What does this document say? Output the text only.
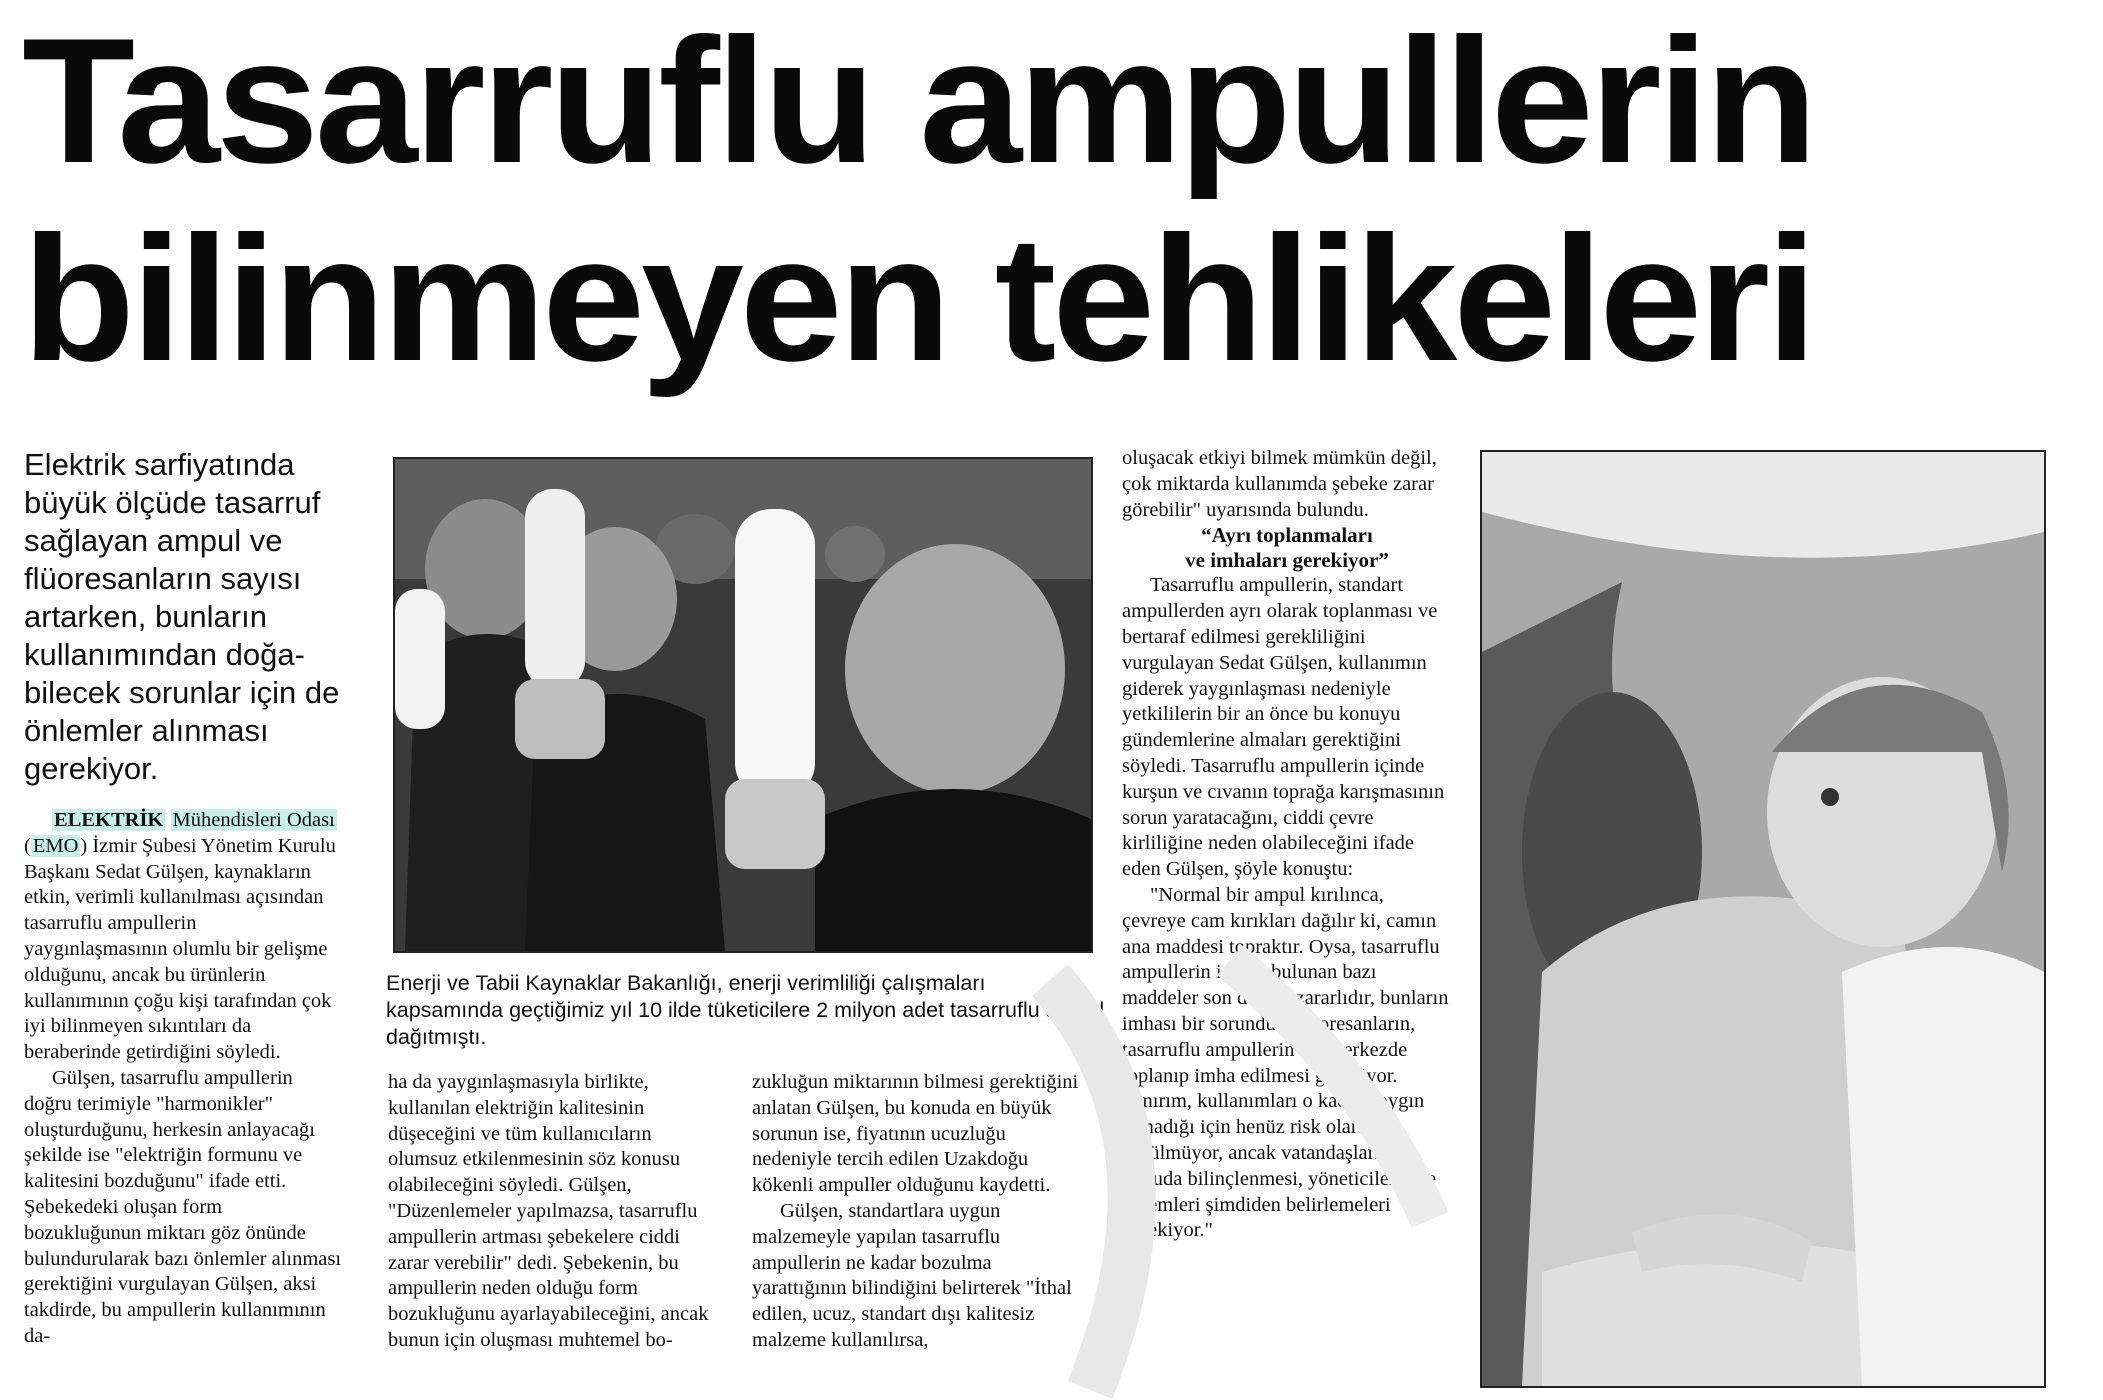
Tasarruflu ampullerin
bilinmeyen tehlikeleri

Elektrik sarfiyatında büyük ölçüde tasarruf sağlayan ampul ve flüoresanların sayısı artarken, bunların kullanımından doğa-bilecek sorunlar için de önlemler alınması gerekiyor.

Enerji ve Tabii Kaynaklar Bakanlığı, enerji verimliliği çalışmaları kapsamında geçtiğimiz yıl 10 ilde tüketicilere 2 milyon adet tasarruflu ampul dağıtmıştı.

ELEKTRİK Mühendisleri Odası (EMO) İzmir Şubesi Yönetim Kurulu Başkanı Sedat Gülşen, kaynakların etkin, verimli kullanılması açısından tasarruflu ampullerin yaygınlaşmasının olumlu bir gelişme olduğunu, ancak bu ürünlerin kullanımının çoğu kişi tarafından çok iyi bilinmeyen sıkıntıları da beraberinde getirdiğini söyledi.

Gülşen, tasarruflu ampullerin doğru terimiyle "harmonikler" oluşturduğunu, herkesin anlayacağı şekilde ise "elektriğin formunu ve kalitesini bozduğunu" ifade etti. Şebekedeki oluşan form bozukluğunun miktarı göz önünde bulundurularak bazı önlemler alınması gerektiğini vurgulayan Gülşen, aksi takdirde, bu ampullerin kullanımının da-

ha da yaygınlaşmasıyla birlikte, kullanılan elektriğin kalitesinin düşeceğini ve tüm kullanıcıların olumsuz etkilenmesinin söz konusu olabileceğini söyledi. Gülşen, "Düzenlemeler yapılmazsa, tasarruflu ampullerin artması şebekelere ciddi zarar verebilir" dedi. Şebekenin, bu ampullerin neden olduğu form bozukluğunu ayarlayabileceğini, ancak bunun için oluşması muhtemel bo-

zukluğun miktarının bilmesi gerektiğini anlatan Gülşen, bu konuda en büyük sorunun ise, fiyatının ucuzluğu nedeniyle tercih edilen Uzakdoğu kökenli ampuller olduğunu kaydetti.

Gülşen, standartlara uygun malzemeyle yapılan tasarruflu ampullerin ne kadar bozulma yarattığının bilindiğini belirterek "İthal edilen, ucuz, standart dışı kalitesiz malzeme kullanılırsa,

oluşacak etkiyi bilmek mümkün değil, çok miktarda kullanımda şebeke zarar görebilir" uyarısında bulundu.

“Ayrı toplanmaları

ve imhaları gerekiyor”

Tasarruflu ampullerin, standart ampullerden ayrı olarak toplanması ve bertaraf edilmesi gerekliliğini vurgulayan Sedat Gülşen, kullanımın giderek yaygınlaşması nedeniyle yetkililerin bir an önce bu konuyu gündemlerine almaları gerektiğini söyledi. Tasarruflu ampullerin içinde kurşun ve cıvanın toprağa karışmasının sorun yaratacağını, ciddi çevre kirliliğine neden olabileceğini ifade eden Gülşen, şöyle konuştu:

"Normal bir ampul kırılınca, çevreye cam kırıkları dağılır ki, camın ana maddesi topraktır. Oysa, tasarruflu ampullerin içinde bulunan bazı maddeler son derece zararlıdır, bunların imhası bir sorundur. Flüoresanların, tasarruflu ampullerin bir merkezde toplanıp imha edilmesi gerekiyor. Sanırım, kullanımları o kadar yaygın olmadığı için henüz risk olarak görülmüyor, ancak vatandaşların bu konuda bilinçlenmesi, yöneticilerin de önlemleri şimdiden belirlemeleri gerekiyor."
